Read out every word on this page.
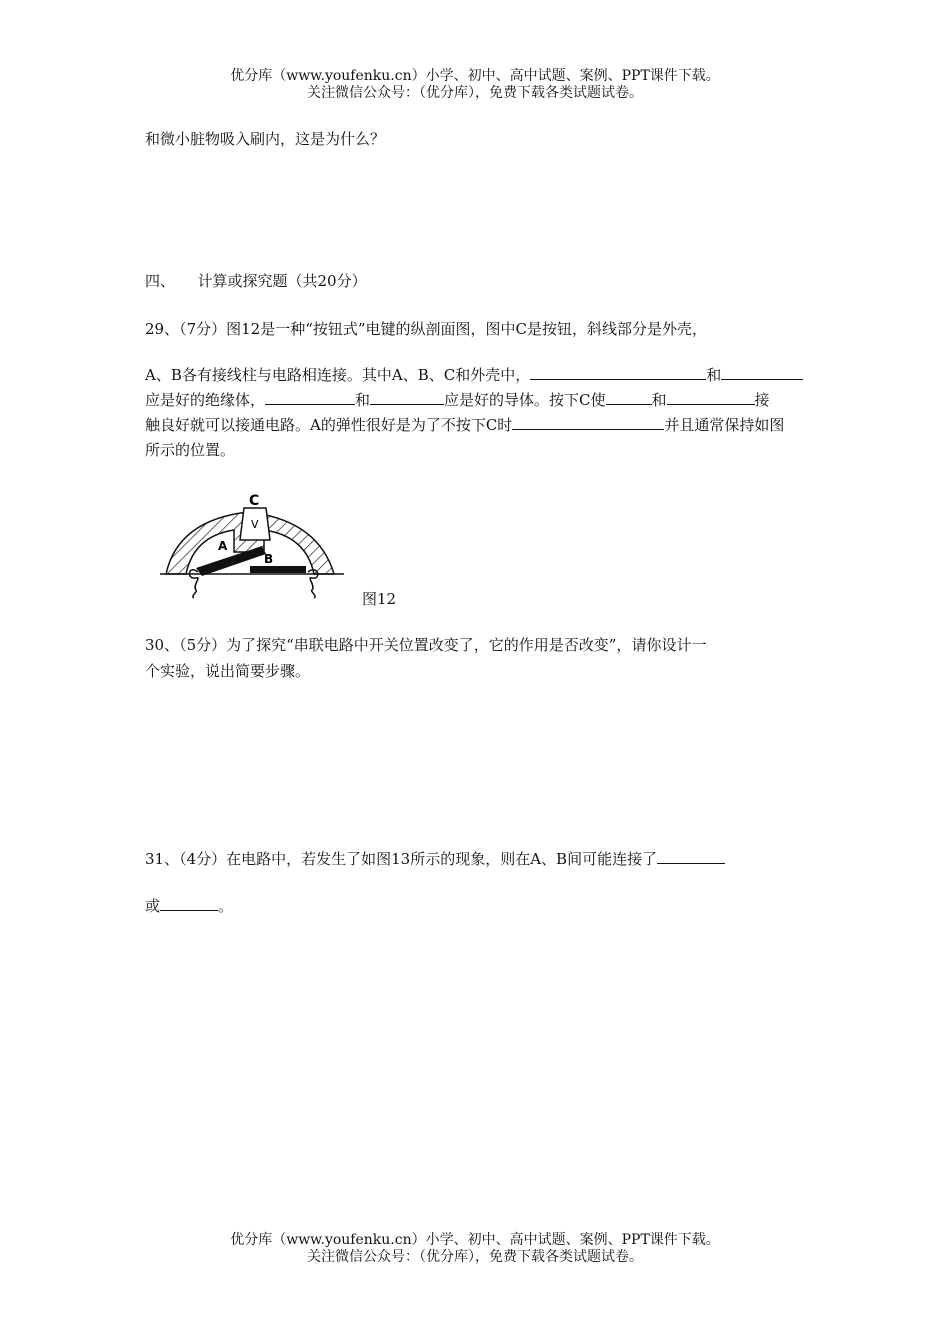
优分库（www.youfenku.cn）小学、初中、高中试题、案例、PPT课件下载。
关注微信公众号：（优分库），免费下载各类试题试卷。
和微小脏物吸入刷内，这是为什么？
四、　　计算或探究题（共20分）
29、（7分）图12是一种“按钮式”电键的纵剖面图，图中C是按钮，斜线部分是外壳，
A、B各有接线柱与电路相连接。其中A、B、C和外壳中，	和
应是好的绝缘体，	和	应是好的导体。按下C使	和	接
触良好就可以接通电路。A的弹性很好是为了不按下C时	并且通常保持如图
所示的位置。
C
V
A
B
图12
30、（5分）为了探究“串联电路中开关位置改变了，它的作用是否改变”，请你设计一
个实验，说出简要步骤。
31、（4分）在电路中，若发生了如图13所示的现象，则在A、B间可能连接了
或	。
优分库（www.youfenku.cn）小学、初中、高中试题、案例、PPT课件下载。
关注微信公众号：（优分库），免费下载各类试题试卷。
